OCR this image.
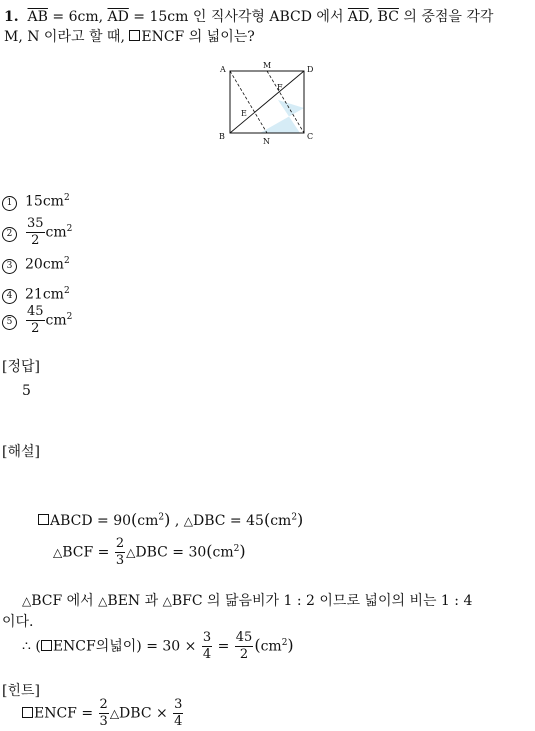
1. $\overline{AB} = 6cm$, $\overline{AD} = 15cm$ 인 직사각형 ABCD 에서 $\overline{AD}$, $\overline{BC}$ 의 중점을 각각
M, N 이라고 할 때, ENCF 의 넓이는?
A	M	D
F
E
B
N
C
1 $15cm^2$
$2 \frac{35}{2} cm^2$
3 $20cm^2$
4 $21cm^2$
$5 \frac{45}{2} cm^2$
[정답]
5
[해설]
ABCD = $90(cm^2)$ , △DBC = $45(cm^2)$
△BCF = $\frac{2}{3}$ △DBC = $30(cm^2)$
△BCF 에서 △BEN 과 △BFC 의 닮음비가 1 : 2 이므로 넓이의 비는 1 : 4
이다.
∴ ( ENCF의넓이) = $30 \times \frac{3}{4} = \frac{45}{2} (cm^2)$
[힌트]
ENCF = $\frac{2}{3}$ △DBC × $\frac{3}{4}$
